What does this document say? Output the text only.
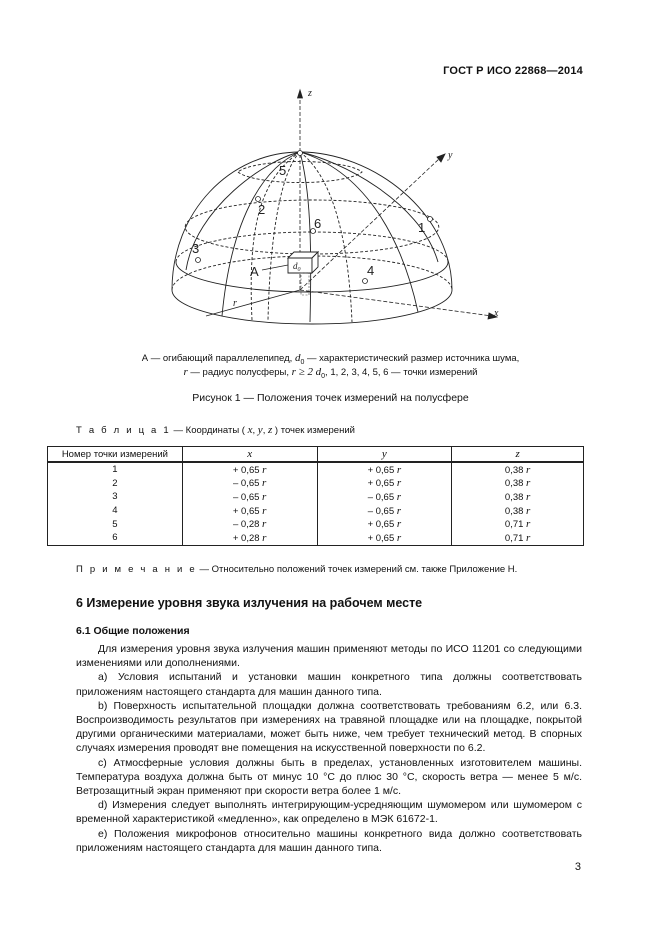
ГОСТ Р ИСО 22868—2014
5
2
6	1
3
4
A
z
y
x
r
$d_0$
А — огибающий параллелепипед, $d_0$ — характеристический размер источника шума,
r — радиус полусферы, r ≥ 2 $d_0$, 1, 2, 3, 4, 5, 6 — точки измерений
Рисунок 1 — Положения точек измерений на полусфере
Т а б л и ц а 1 — Координаты ( x, y, z ) точек измерений
Номер точки измерений	x	y	z
1	+ 0,65 r	+ 0,65 r	0,38 r
2	– 0,65 r	+ 0,65 r	0,38 r
3	– 0,65 r	– 0,65 r	0,38 r
4	+ 0,65 r	– 0,65 r	0,38 r
5	– 0,28 r	+ 0,65 r	0,71 r
6	+ 0,28 r	+ 0,65 r	0,71 r
П р и м е ч а н и е — Относительно положений точек измерений см. также Приложение Н.
6 Измерение уровня звука излучения на рабочем месте
6.1 Общие положения

Для измерения уровня звука излучения машин применяют методы по ИСО 11201 со следующими изменениями или дополнениями.

a) Условия испытаний и установки машин конкретного типа должны соответствовать приложениям настоящего стандарта для машин данного типа.

b) Поверхность испытательной площадки должна соответствовать требованиям 6.2, или 6.3. Воспроизводимость результатов при измерениях на травяной площадке или на площадке, покрытой другими органическими материалами, может быть ниже, чем требует технический метод. В спорных случаях измерения проводят вне помещения на искусственной поверхности по 6.2.

c) Атмосферные условия должны быть в пределах, установленных изготовителем машины. Температура воздуха должна быть от минус 10 °С до плюс 30 °С, скорость ветра — менее 5 м/с. Ветрозащитный экран применяют при скорости ветра более 1 м/с.

d) Измерения следует выполнять интегрирующим-усредняющим шумомером или шумомером с временной характеристикой «медленно», как определено в МЭК 61672-1.

e) Положения микрофонов относительно машины конкретного вида должно соответствовать приложениям настоящего стандарта для машин данного типа.

3
